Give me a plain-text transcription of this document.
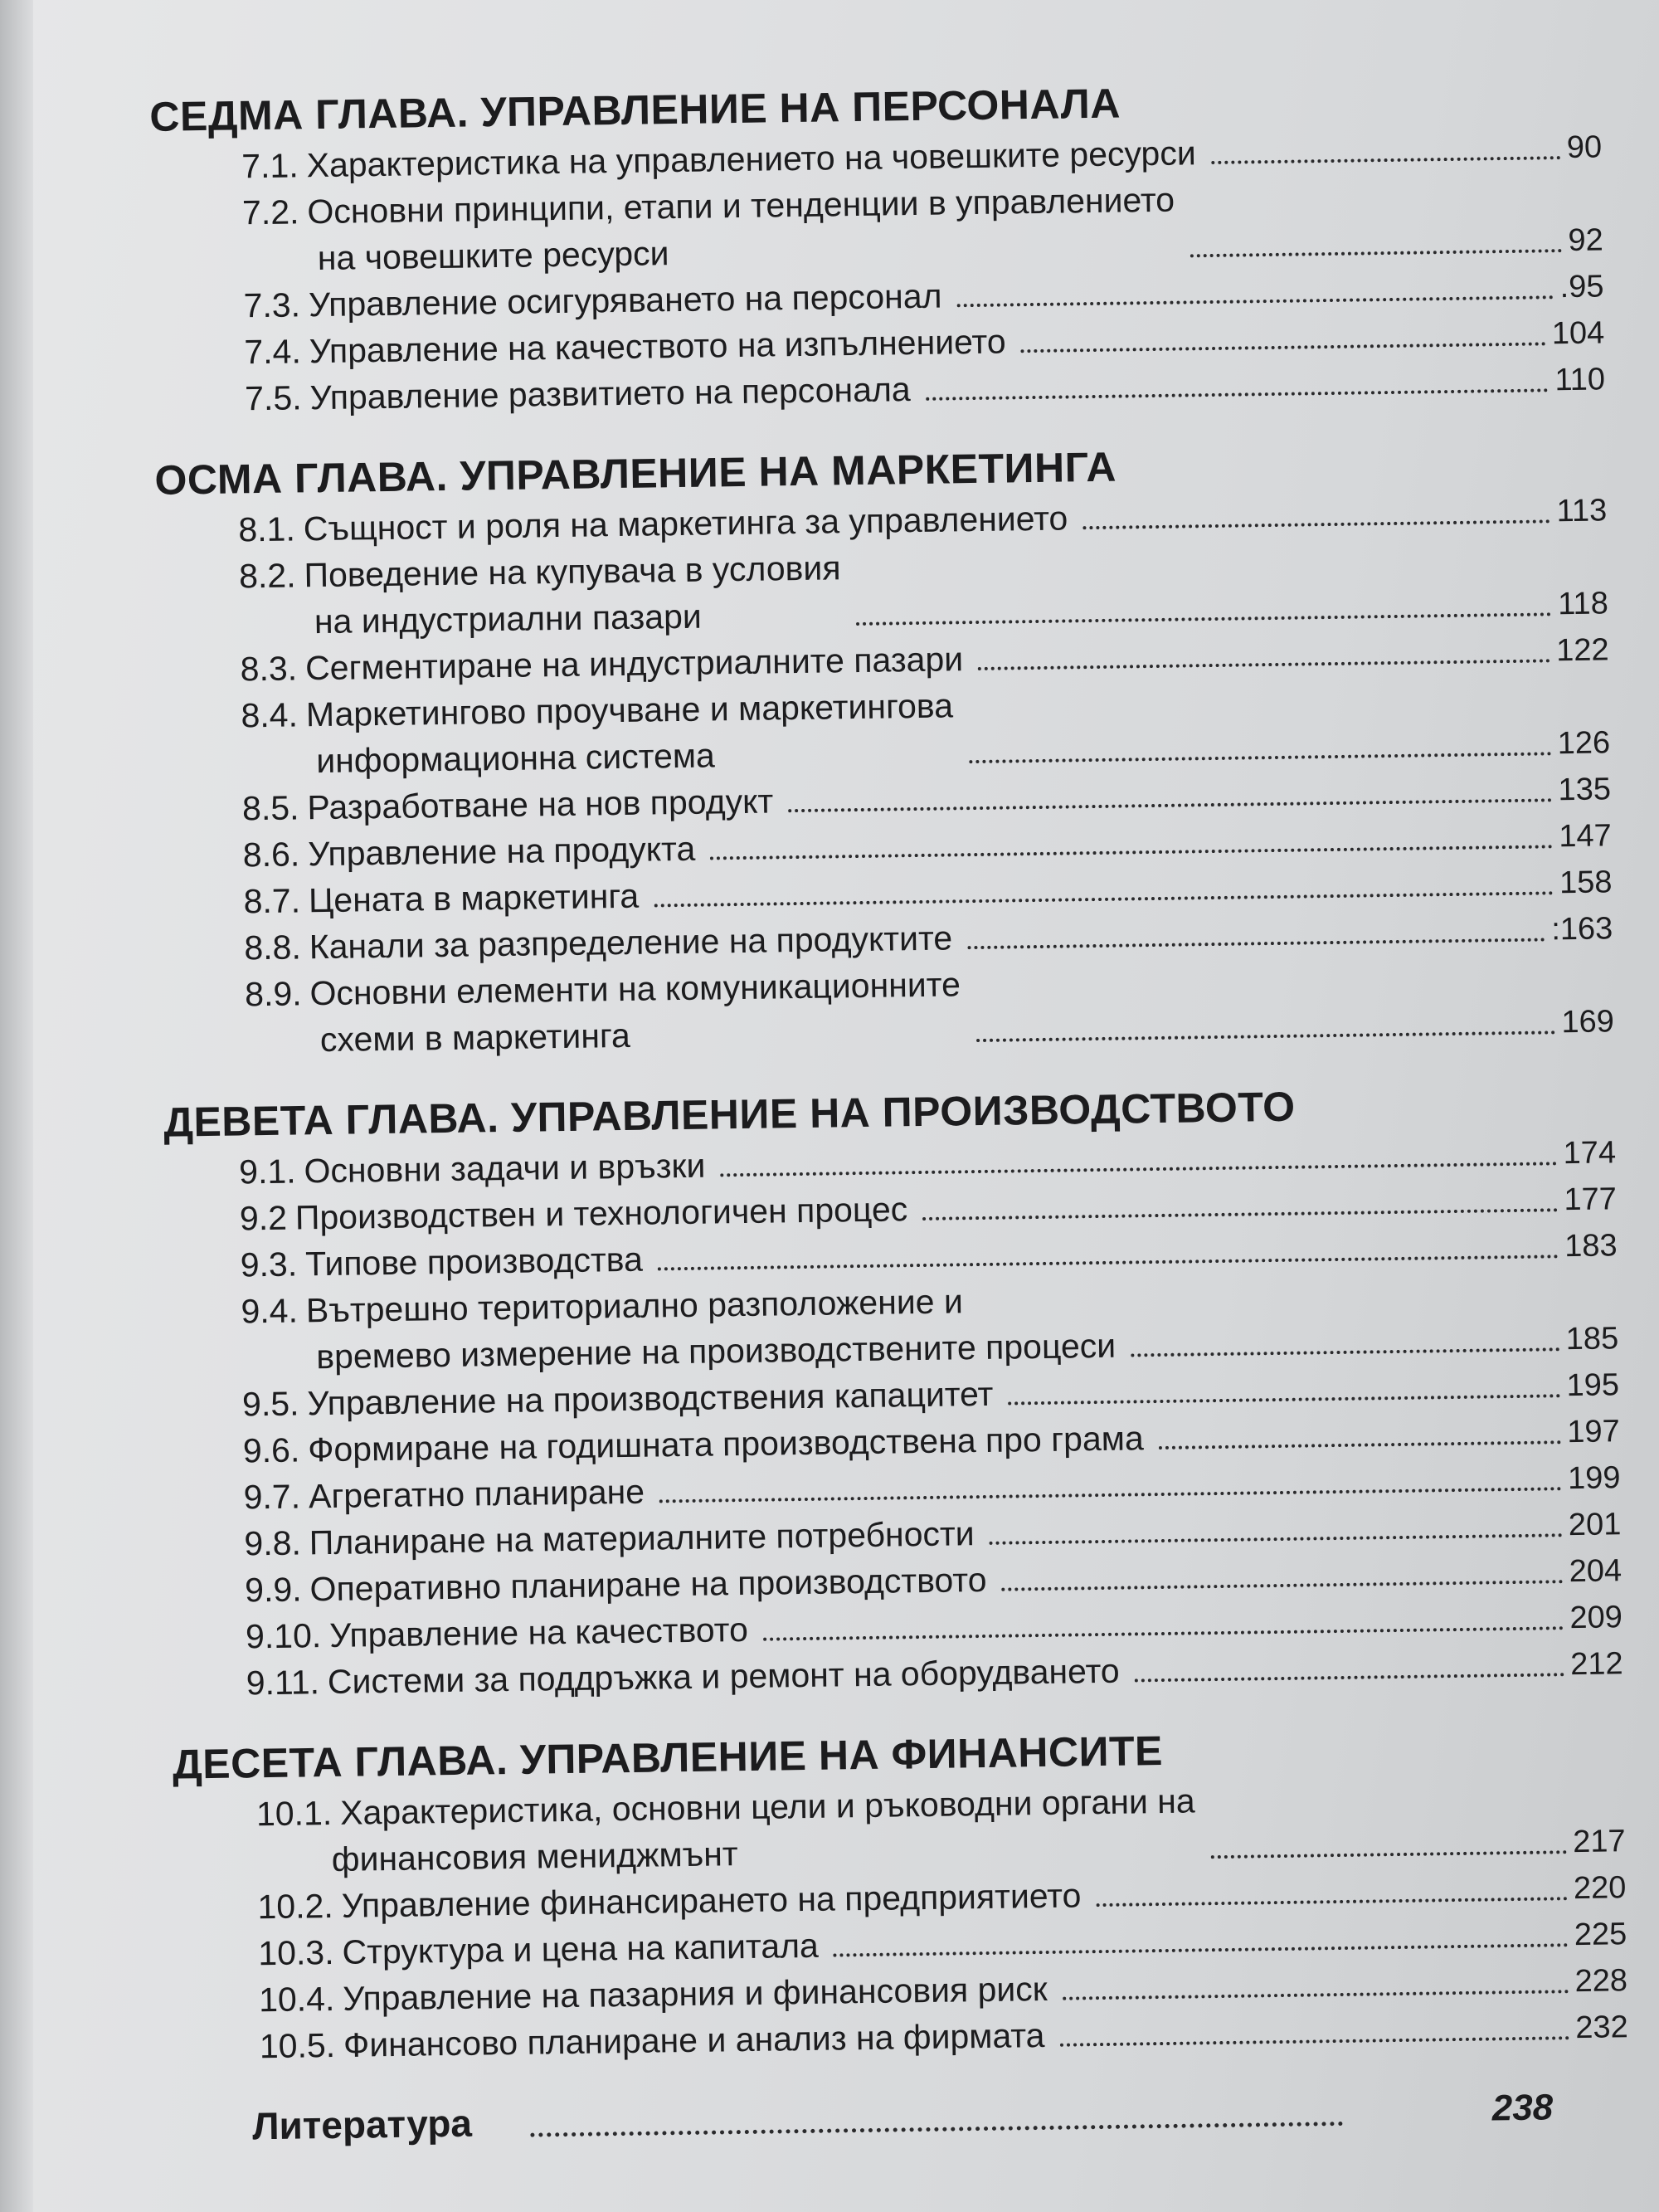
СЕДМА ГЛАВА. УПРАВЛЕНИЕ НА ПЕРСОНАЛА
7.1. Характеристика на управлението на човешките ресурси	90
7.2. Основни принципи, етапи и тенденции в управлението
на човешките ресурси	92
7.3. Управление осигуряването на персонал	.95
7.4. Управление на качеството на изпълнението	104
7.5. Управление развитието на персонала	110
ОСМА ГЛАВА. УПРАВЛЕНИЕ НА МАРКЕТИНГА
8.1. Същност и роля на маркетинга за управлението	113
8.2. Поведение на купувача в условия
на индустриални пазари	118
8.3. Сегментиране на индустриалните пазари	122
8.4. Маркетингово проучване и маркетингова
информационна система	126
8.5. Разработване на нов продукт	135
8.6. Управление на продукта	147
8.7. Цената в маркетинга	158
8.8. Канали за разпределение на продуктите	:163
8.9. Основни елементи на комуникационните
схеми в маркетинга	169
ДЕВЕТА ГЛАВА. УПРАВЛЕНИЕ НА ПРОИЗВОДСТВОТО
9.1. Основни задачи и връзки	174
9.2 Производствен и технологичен процес	177
9.3. Типове производства	183
9.4. Вътрешно териториално разположение и
времево измерение на производствените процеси	185
9.5. Управление на производствения капацитет	195
9.6. Формиране на годишната производствена про грама	197
9.7. Агрегатно планиране	199
9.8. Планиране на материалните потребности	201
9.9. Оперативно планиране на производството	204
9.10. Управление на качеството	209
9.11. Системи за поддръжка и ремонт на оборудването	212
ДЕСЕТА ГЛАВА. УПРАВЛЕНИЕ НА ФИНАНСИТЕ
10.1. Характеристика, основни цели и ръководни органи на
финансовия мениджмънт	217
10.2. Управление финансирането на предприятието	220
10.3. Структура и цена на капитала	225
10.4. Управление на пазарния и финансовия риск	228
10.5. Финансово планиране и анализ на фирмата	232
Литература	238
